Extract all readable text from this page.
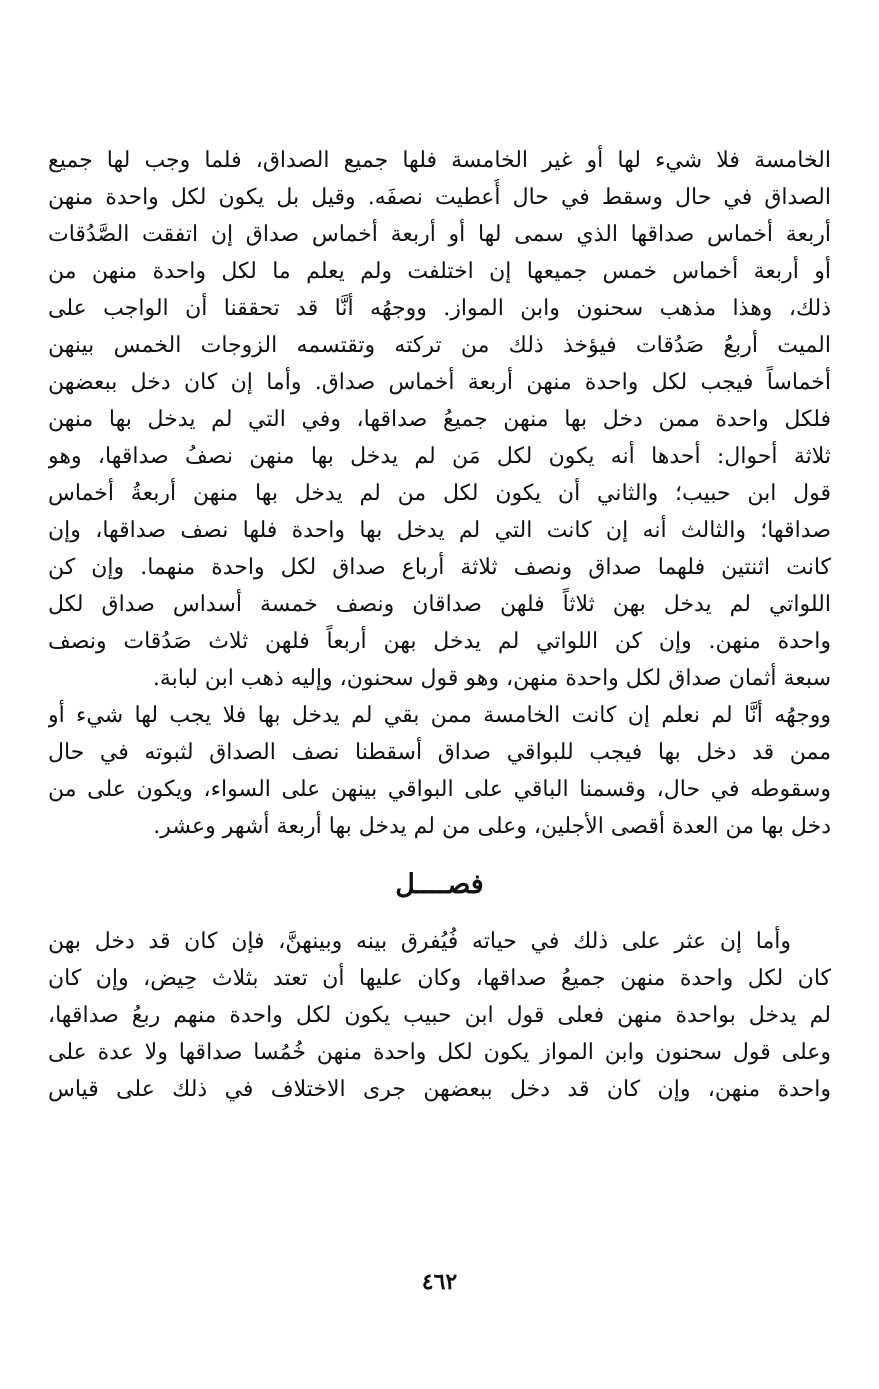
الخامسة فلا شيء لها أو غير الخامسة فلها جميع الصداق، فلما وجب لها جميع
الصداق في حال وسقط في حال أُعطيت نصفَه. وقيل بل يكون لكل واحدة منهن
أربعة أخماس صداقها الذي سمى لها أو أربعة أخماس صداق إن اتفقت الصَّدُقات
أو أربعة أخماس خمس جميعها إن اختلفت ولم يعلم ما لكل واحدة منهن من
ذلك، وهذا مذهب سحنون وابن المواز. ووجهُه أنَّا قد تحققنا أن الواجب على
الميت أربعُ صَدُقات فيؤخذ ذلك من تركته وتقتسمه الزوجات الخمس بينهن
أخماساً فيجب لكل واحدة منهن أربعة أخماس صداق. وأما إن كان دخل ببعضهن
فلكل واحدة ممن دخل بها منهن جميعُ صداقها، وفي التي لم يدخل بها منهن
ثلاثة أحوال: أحدها أنه يكون لكل مَن لم يدخل بها منهن نصفُ صداقها، وهو
قول ابن حبيب؛ والثاني أن يكون لكل من لم يدخل بها منهن أربعةُ أخماس
صداقها؛ والثالث أنه إن كانت التي لم يدخل بها واحدة فلها نصف صداقها، وإن
كانت اثنتين فلهما صداق ونصف ثلاثة أرباع صداق لكل واحدة منهما. وإن كن
اللواتي لم يدخل بهن ثلاثاً فلهن صداقان ونصف خمسة أسداس صداق لكل
واحدة منهن. وإن كن اللواتي لم يدخل بهن أربعاً فلهن ثلاث صَدُقات ونصف
سبعة أثمان صداق لكل واحدة منهن، وهو قول سحنون، وإليه ذهب ابن لبابة.
ووجهُه أنَّا لم نعلم إن كانت الخامسة ممن بقي لم يدخل بها فلا يجب لها شيء أو
ممن قد دخل بها فيجب للبواقي صداق أسقطنا نصف الصداق لثبوته في حال
وسقوطه في حال، وقسمنا الباقي على البواقي بينهن على السواء، ويكون على من
دخل بها من العدة أقصى الأجلين، وعلى من لم يدخل بها أربعة أشهر وعشر.
فصــــل
وأما إن عثر على ذلك في حياته فُيُفرق بينه وبينهنَّ، فإن كان قد دخل بهن
كان لكل واحدة منهن جميعُ صداقها، وكان عليها أن تعتد بثلاث حِيض، وإن كان
لم يدخل بواحدة منهن فعلى قول ابن حبيب يكون لكل واحدة منهم ربعُ صداقها،
وعلى قول سحنون وابن المواز يكون لكل واحدة منهن خُمُسا صداقها ولا عدة على
واحدة منهن، وإن كان قد دخل ببعضهن جرى الاختلاف في ذلك على قياس
٤٦٢
